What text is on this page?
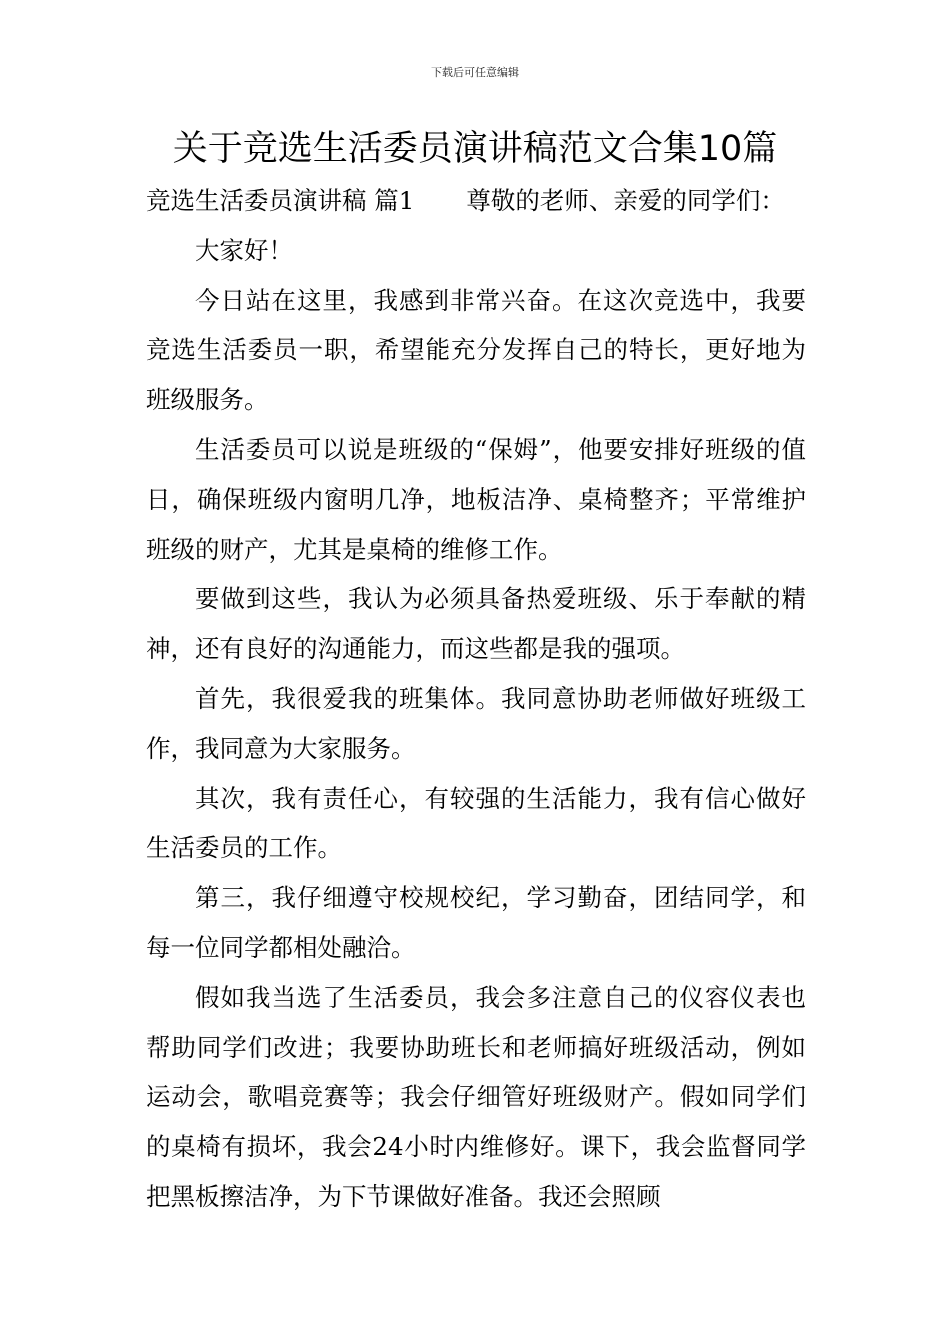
下载后可任意编辑
关于竞选生活委员演讲稿范文合集10篇

竞选生活委员演讲稿 篇1 尊敬的老师、亲爱的同学们：

大家好！

今日站在这里，我感到非常兴奋。在这次竞选中，我要竞选生活委员一职，希望能充分发挥自己的特长，更好地为班级服务。

生活委员可以说是班级的“保姆”，他要安排好班级的值日，确保班级内窗明几净，地板洁净、桌椅整齐；平常维护班级的财产，尤其是桌椅的维修工作。

要做到这些，我认为必须具备热爱班级、乐于奉献的精神，还有良好的沟通能力，而这些都是我的强项。

首先，我很爱我的班集体。我同意协助老师做好班级工作，我同意为大家服务。

其次，我有责任心，有较强的生活能力，我有信心做好生活委员的工作。

第三，我仔细遵守校规校纪，学习勤奋，团结同学，和每一位同学都相处融洽。

假如我当选了生活委员，我会多注意自己的仪容仪表也帮助同学们改进；我要协助班长和老师搞好班级活动，例如运动会，歌唱竞赛等；我会仔细管好班级财产。假如同学们的桌椅有损坏，我会24小时内维修好。课下，我会监督同学把黑板擦洁净，为下节课做好准备。我还会照顾
